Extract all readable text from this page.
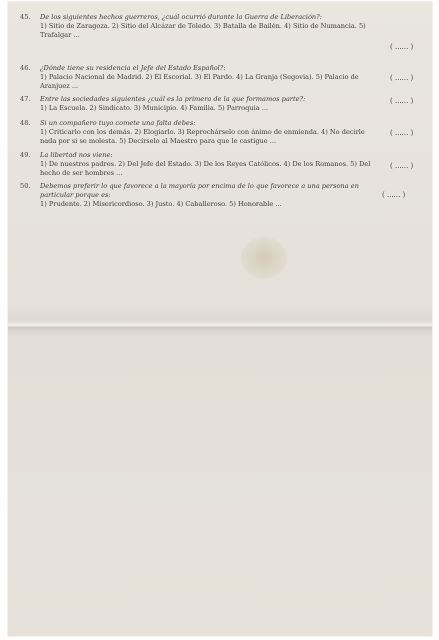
45. De los siguientes hechos guerreros, ¿cuál ocurrió durante la Guerra de Liberación?:
1) Sitio de Zaragoza. 2) Sitio del Alcázar de Toledo. 3) Batalla de Bailén. 4) Sitio de Numancia. 5) Trafalgar ...
( ...... )
46. ¿Dónde tiene su residencia el Jefe del Estado Español?:
1) Palacio Nacional de Madrid. 2) El Escorial. 3) El Pardo. 4) La Granja (Segovia). 5) Palacio de Aranjuez ...
( ...... )
47. Entre las sociedades siguientes ¿cuál es la primera de la que formamos parte?:
1) La Escuela. 2) Sindicato. 3) Municipio. 4) Familia. 5) Parroquia ...
( ...... )
48. Si un compañero tuyo comete una falta debes:
1) Criticarlo con los demás. 2) Elogiarlo. 3) Reprochárselo con ánimo de enmienda. 4) No decirle nada por si se molesta. 5) Decírselo al Maestro para que le castigue ...
( ...... )
49. La libertad nos viene:
1) De nuestros padres. 2) Del Jefe del Estado. 3) De los Reyes Católicos. 4) De los Romanos. 5) Del hecho de ser hombres ...
( ...... )
50. Debemos preferir lo que favorece a la mayoría por encima de lo que favorece a una persona en particular porque es:
1) Prudente. 2) Misericordioso. 3) Justo. 4) Caballeroso. 5) Honorable ...
( ...... )
